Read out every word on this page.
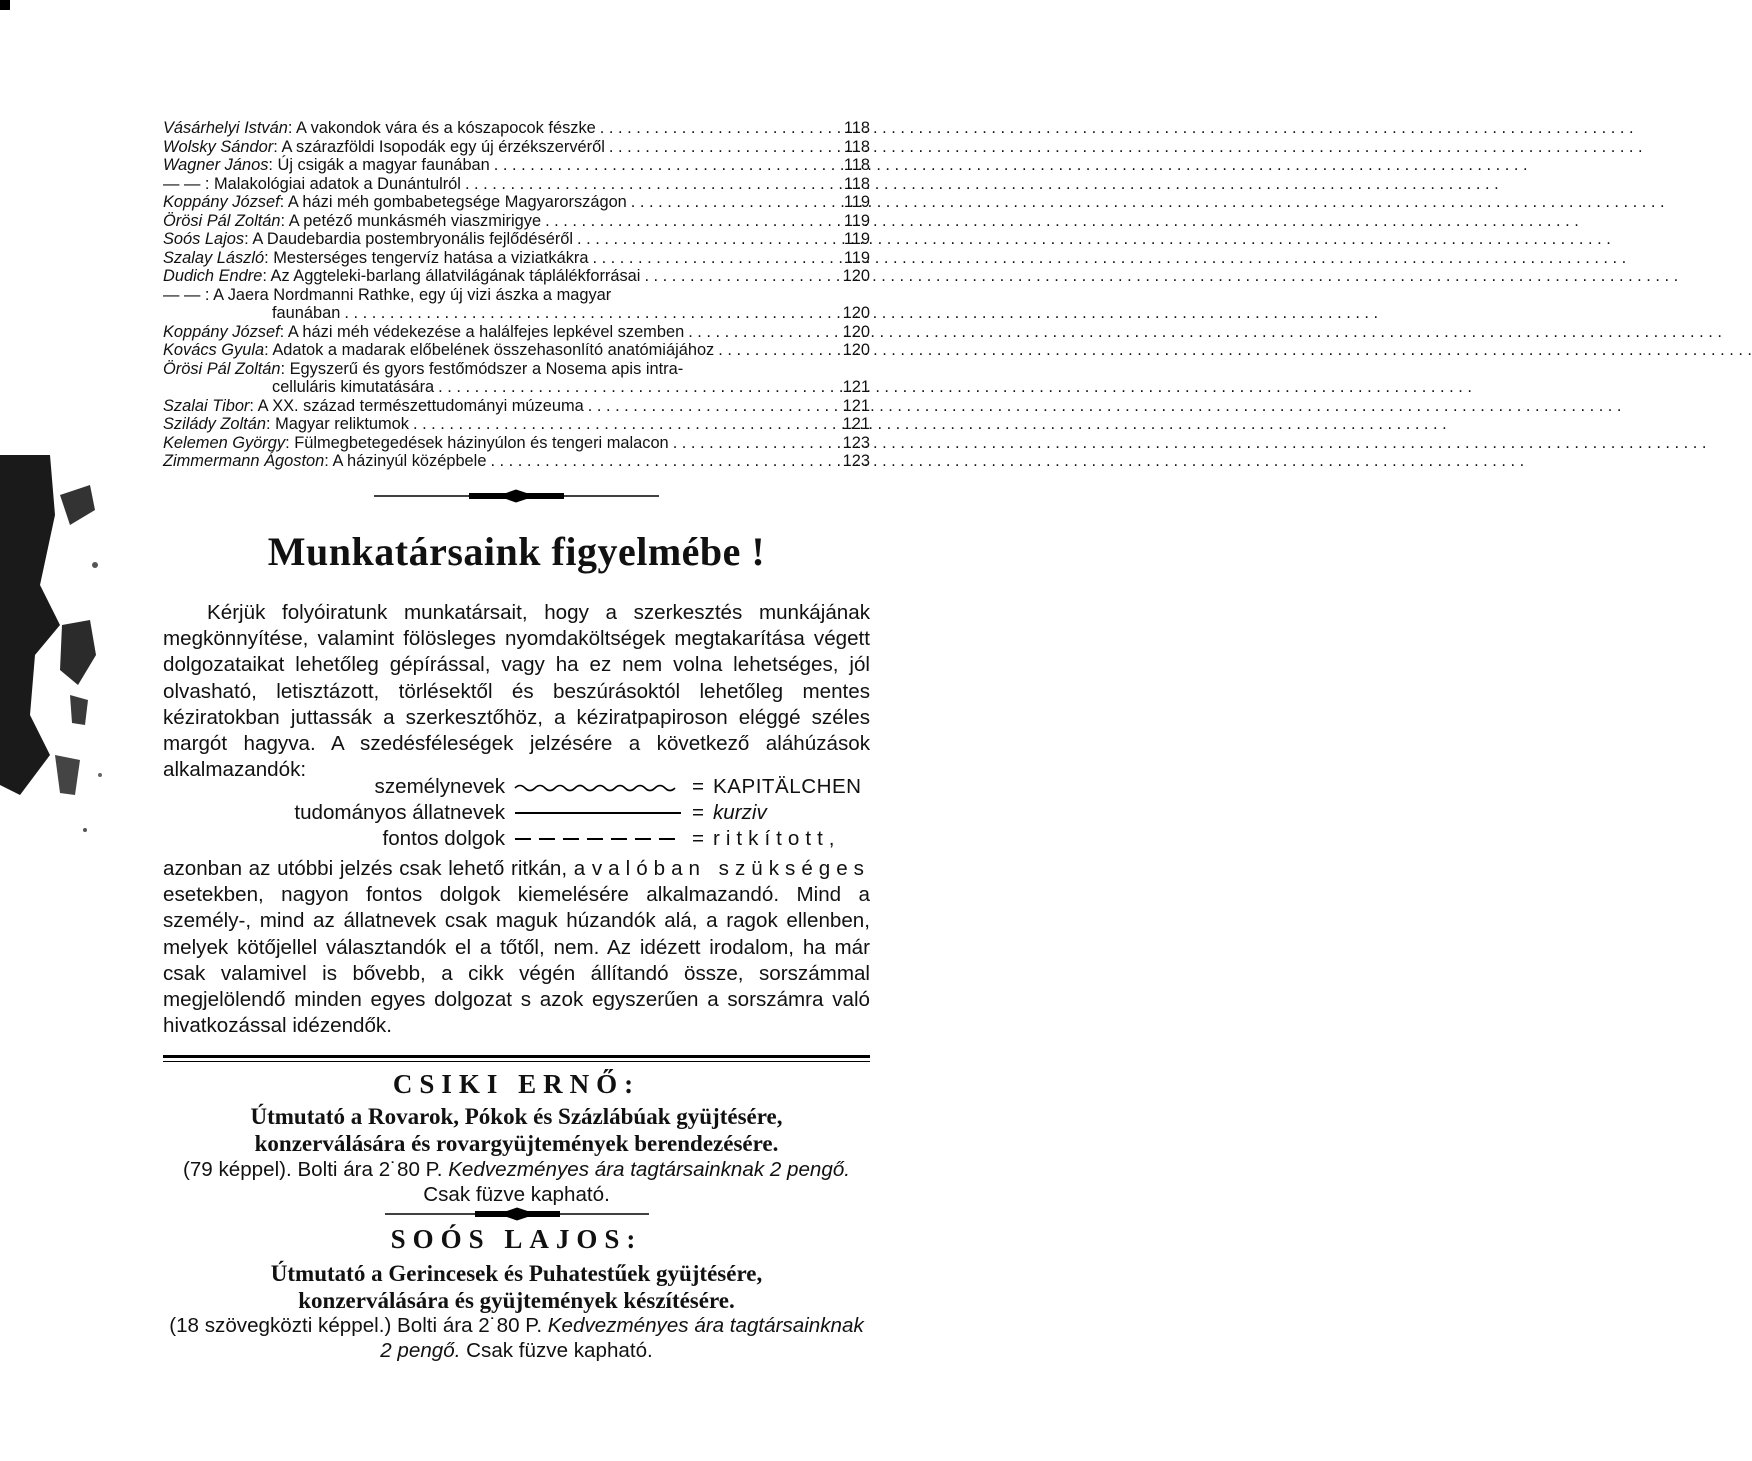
Vásárhelyi István: A vakondok vára és a kószapocok fészke . . .	118
Wolsky Sándor: A szárazföldi Isopodák egy új érzékszervéről . . .	118
Wagner János: Új csigák a magyar faunában . . .	118
— — : Malakológiai adatok a Dunántulról . . .	118
Koppány József: A házi méh gombabetegsége Magyarországon . . .	119
Örösi Pál Zoltán: A petéző munkásméh viaszmirigye . . .	119
Soós Lajos: A Daudebardia postembryonális fejlődéséről . . .	119
Szalay László: Mesterséges tengervíz hatása a viziatkákra . . .	119
Dudich Endre: Az Aggteleki-barlang állatvilágának táplálékforrásai . . .	120
— — : A Jaera Nordmanni Rathke, egy új vizi ászka a magyar
faunában . . .	120
Koppány József: A házi méh védekezése a halálfejes lepkével szemben . . .	120
Kovács Gyula: Adatok a madarak előbelének összehasonlító anatómiájához . . .	120
Örösi Pál Zoltán: Egyszerű és gyors festőmódszer a Nosema apis intra-
celluláris kimutatására . . .	121
Szalai Tibor: A XX. század természettudományi múzeuma . . .	121
Sziládу Zoltán: Magyar reliktumok . . .	121
Kelemen György: Fülmegbetegedések házinyúlon és tengeri malacon . . .	123
Zimmermann Ágoston: A házinyúl középbele . . .	123
Munkatársaink figyelmébe !

Kérjük folyóiratunk munkatársait, hogy a szerkesztés munkájának megkönnyítése, valamint fölösleges nyomdaköltségek megtakarítása végett dolgozataikat lehetőleg gépírással, vagy ha ez nem volna lehetséges, jól olvasható, letisztázott, törlésektől és beszúrásoktól lehetőleg mentes kéziratokban juttassák a szerkesztőhöz, a kéziratpapiroson eléggé széles margót hagyva. A szedésféleségek jelzésére a következő aláhúzások alkalmazandók:

személynevek	= KAPITÄLCHEN
tudományos állatnevek	= kurziv
fontos dolgok	= ritkított,

azonban az utóbbi jelzés csak lehető ritkán, a valóban szükséges esetekben, nagyon fontos dolgok kiemelésére alkalmazandó. Mind a személy-, mind az állatnevek csak maguk húzandók alá, a ragok ellenben, melyek kötőjellel választandók el a tőtől, nem. Az idézett irodalom, ha már csak valamivel is bővebb, a cikk végén állítandó össze, sorszámmal megjelölendő minden egyes dolgozat s azok egyszerűen a sorszámra való hivatkozással idézendők.

CSIKI ERNŐ:

Útmutató a Rovarok, Pókok és Százlábúak gyüjtésére,
konzerválására és rovargyüjtemények berendezésére.

(79 képpel). Bolti ára 2˙80 P. Kedvezményes ára tagtársainknak 2 pengő. Csak füzve kapható.

SOÓS LAJOS:

Útmutató a Gerincesek és Puhatestűek gyüjtésére,
konzerválására és gyüjtemények készítésére.

(18 szövegközti képpel.) Bolti ára 2˙80 P. Kedvezményes ára tagtársainknak 2 pengő. Csak füzve kapható.
